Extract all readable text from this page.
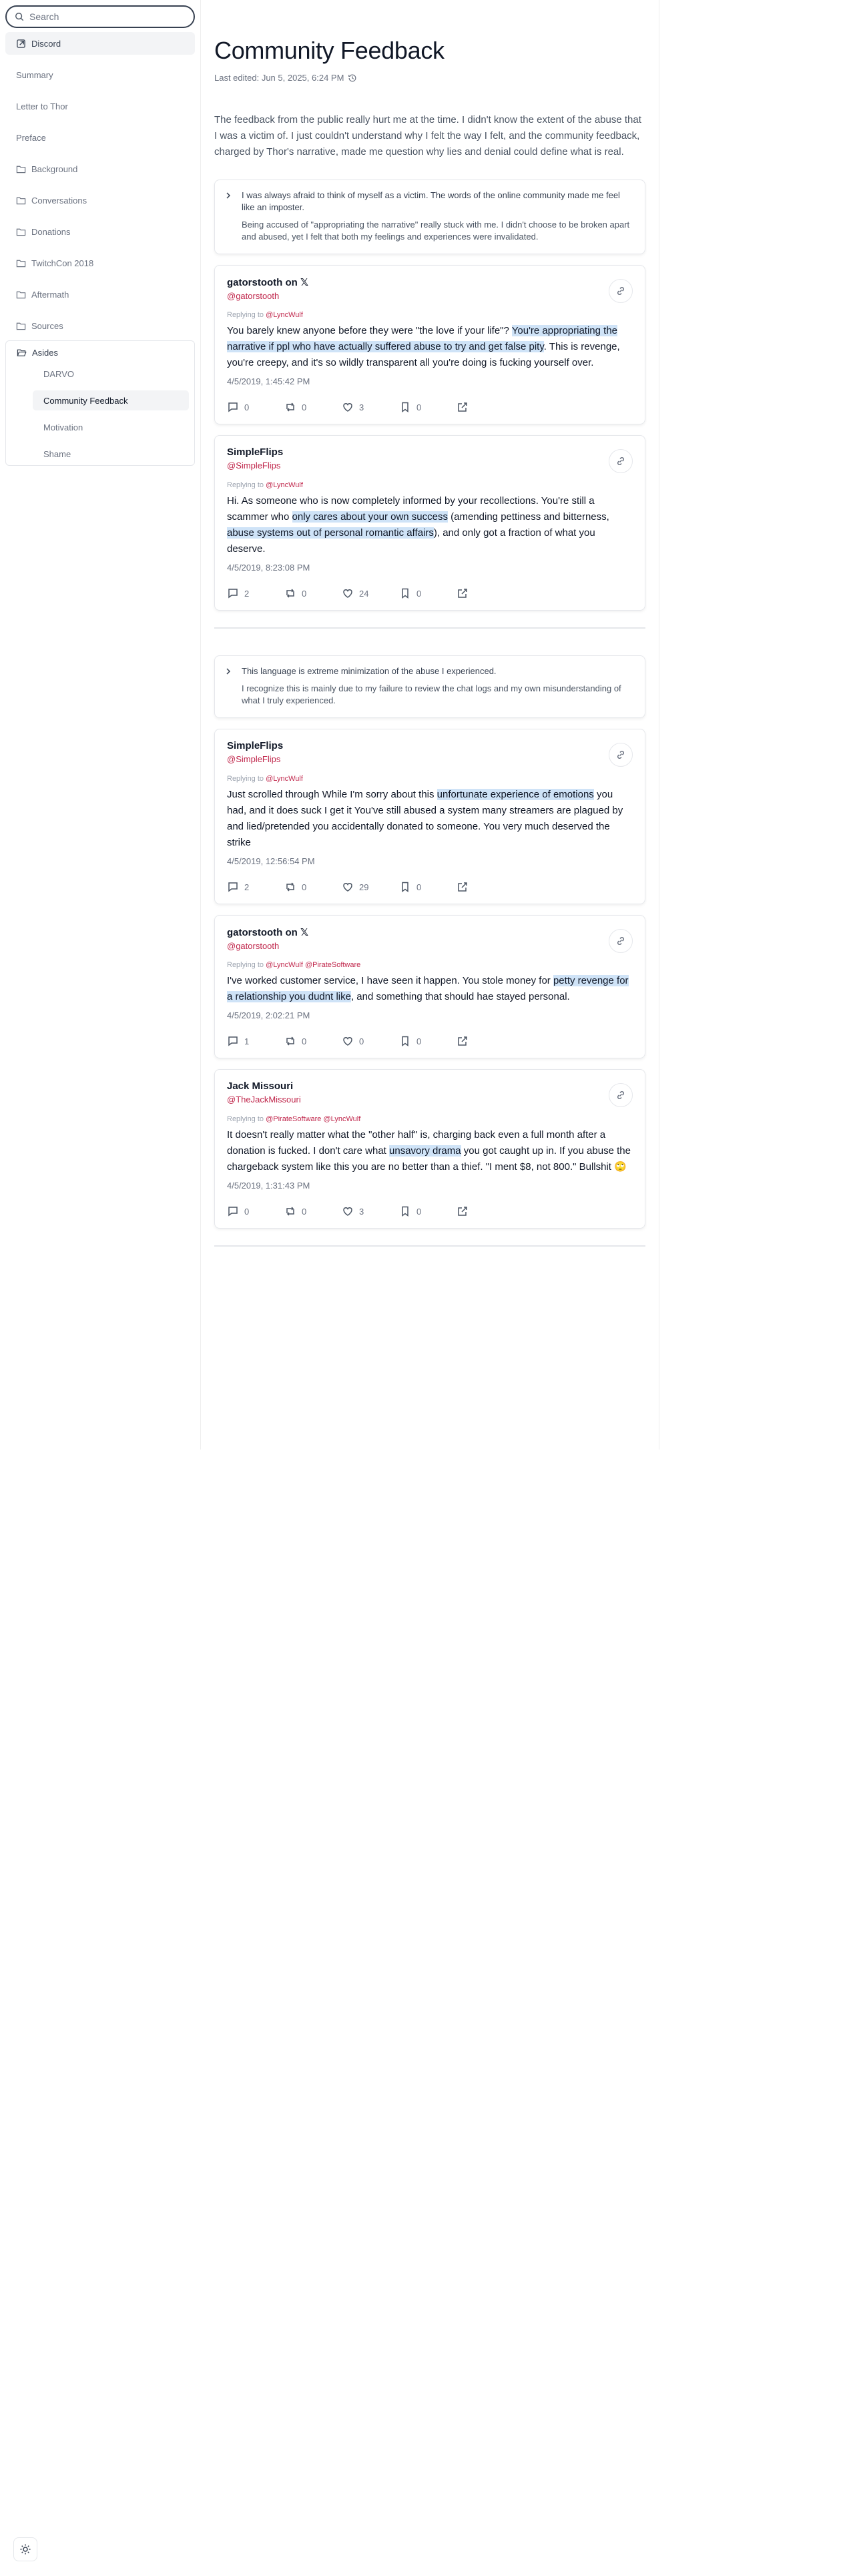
Search
Discord
Summary
Letter to Thor
Preface
Background
Conversations
Donations
TwitchCon 2018
Aftermath
Sources
Asides
DARVO
Community Feedback
Motivation
Shame
Community Feedback
Last edited: Jun 5, 2025, 6:24 PM

The feedback from the public really hurt me at the time. I didn't know the extent of the abuse that I was a victim of. I just couldn't understand why I felt the way I felt, and the community feedback, charged by Thor's narrative, made me question why lies and denial could define what is real.

I was always afraid to think of myself as a victim. The words of the online community made me feel like an imposter.
Being accused of "appropriating the narrative" really stuck with me. I didn't choose to be broken apart and abused, yet I felt that both my feelings and experiences were invalidated.
gatorstooth on 𝕏
@gatorstooth
Replying to @LyncWulf
You barely knew anyone before they were "the love if your life"? You're appropriating the narrative if ppl who have actually suffered abuse to try and get false pity. This is revenge, you're creepy, and it's so wildly transparent all you're doing is fucking yourself over.
4/5/2019, 1:45:42 PM
0	0	3	0
SimpleFlips
@SimpleFlips
Replying to @LyncWulf
Hi. As someone who is now completely informed by your recollections. You're still a scammer who only cares about your own success (amending pettiness and bitterness, abuse systems out of personal romantic affairs), and only got a fraction of what you deserve.
4/5/2019, 8:23:08 PM
2	0	24	0
This language is extreme minimization of the abuse I experienced.
I recognize this is mainly due to my failure to review the chat logs and my own misunderstanding of what I truly experienced.
SimpleFlips
@SimpleFlips
Replying to @LyncWulf
Just scrolled through While I'm sorry about this unfortunate experience of emotions you had, and it does suck I get it You've still abused a system many streamers are plagued by and lied/pretended you accidentally donated to someone. You very much deserved the strike
4/5/2019, 12:56:54 PM
2	0	29	0
gatorstooth on 𝕏
@gatorstooth
Replying to @LyncWulf @PirateSoftware
I've worked customer service, I have seen it happen. You stole money for petty revenge for a relationship you dudnt like, and something that should hae stayed personal.
4/5/2019, 2:02:21 PM
1	0	0	0
Jack Missouri
@TheJackMissouri
Replying to @PirateSoftware @LyncWulf
It doesn't really matter what the "other half" is, charging back even a full month after a donation is fucked. I don't care what unsavory drama you got caught up in. If you abuse the chargeback system like this you are no better than a thief. "I ment $8, not 800." Bullshit 🙄
4/5/2019, 1:31:43 PM
0	0	3	0
